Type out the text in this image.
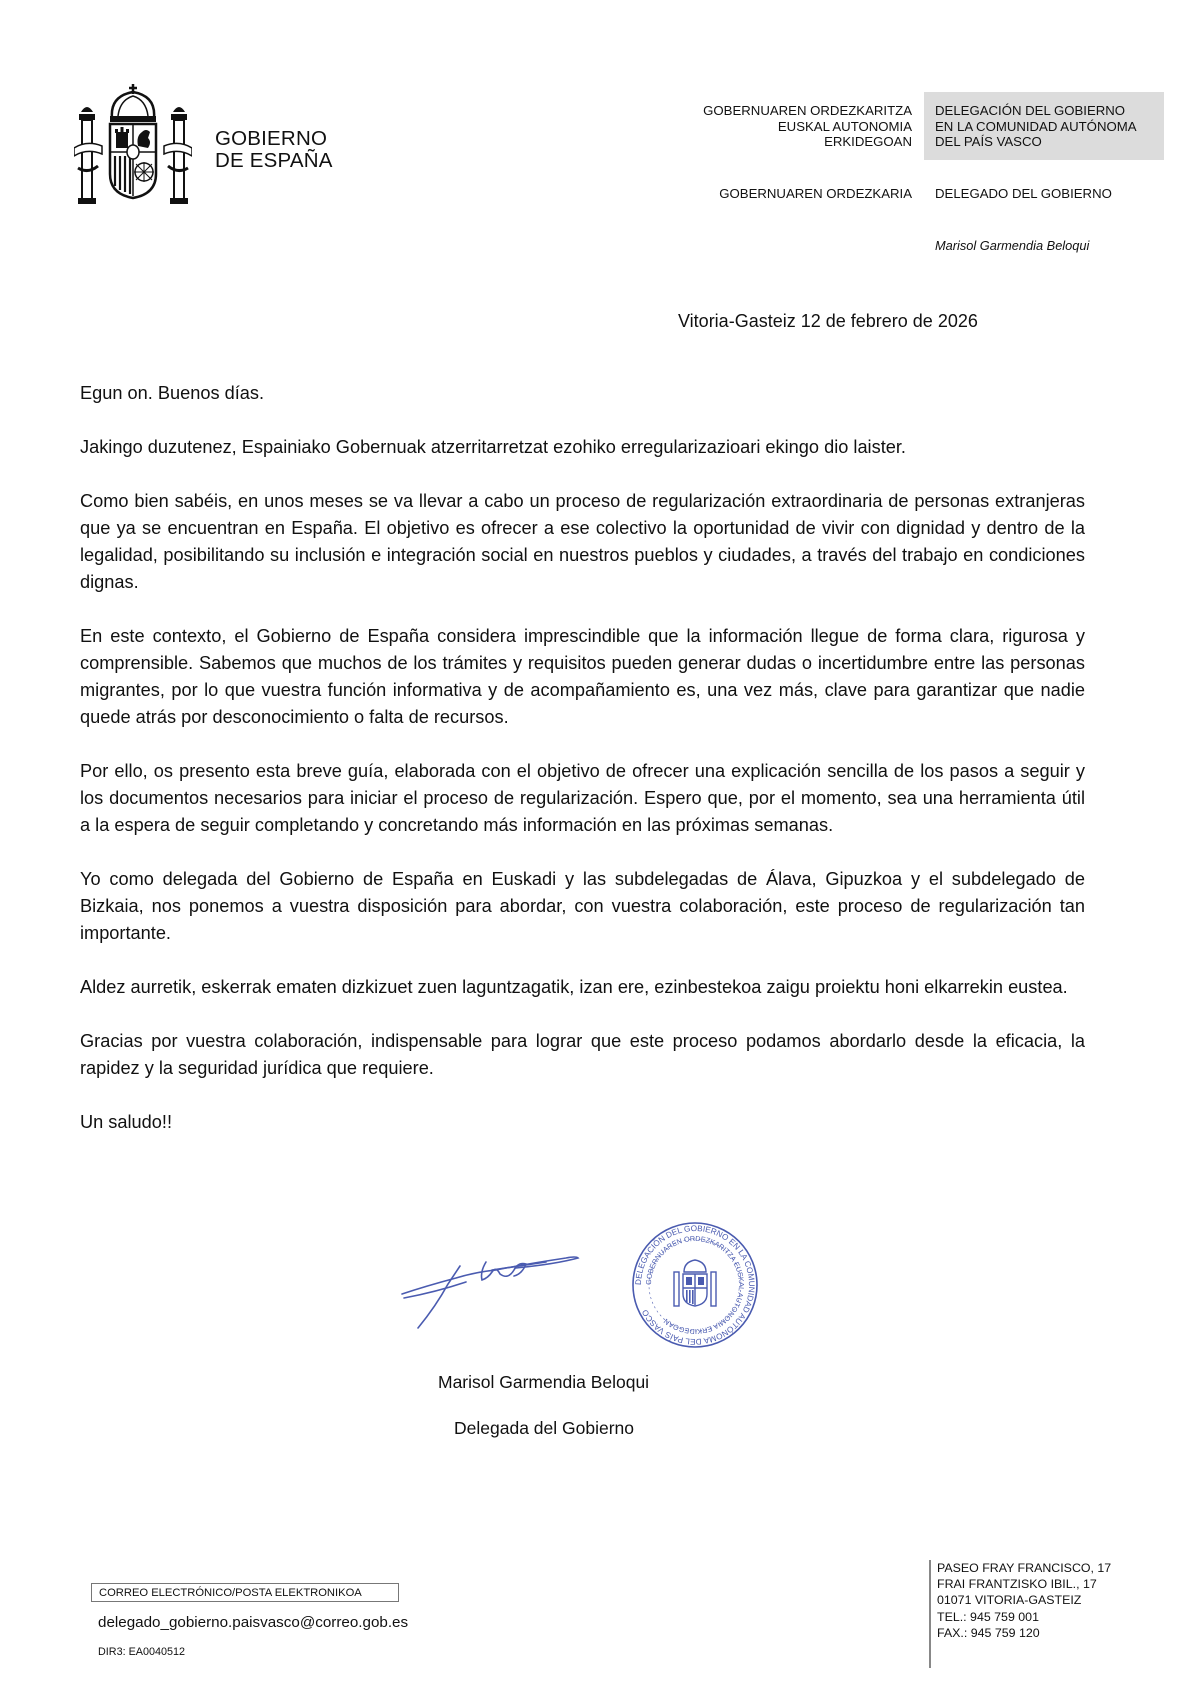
GOBIERNO
DE ESPAÑA
GOBERNUAREN ORDEZKARITZA
EUSKAL AUTONOMIA
ERKIDEGOAN
DELEGACIÓN DEL GOBIERNO
EN LA COMUNIDAD AUTÓNOMA
DEL PAÍS VASCO
GOBERNUAREN ORDEZKARIA DELEGADO DEL GOBIERNO
Marisol Garmendia Beloqui
Vitoria-Gasteiz 12 de febrero de 2026

Egun on. Buenos días.

Jakingo duzutenez, Espainiako Gobernuak atzerritarretzat ezohiko erregularizazioari ekingo dio laister.

Como bien sabéis, en unos meses se va llevar a cabo un proceso de regularización extraordinaria de personas extranjeras que ya se encuentran en España. El objetivo es ofrecer a ese colectivo la oportunidad de vivir con dignidad y dentro de la legalidad, posibilitando su inclusión e integración social en nuestros pueblos y ciudades, a través del trabajo en condiciones dignas.

En este contexto, el Gobierno de España considera imprescindible que la información llegue de forma clara, rigurosa y comprensible. Sabemos que muchos de los trámites y requisitos pueden generar dudas o incertidumbre entre las personas migrantes, por lo que vuestra función informativa y de acompañamiento es, una vez más, clave para garantizar que nadie quede atrás por desconocimiento o falta de recursos.

Por ello, os presento esta breve guía, elaborada con el objetivo de ofrecer una explicación sencilla de los pasos a seguir y los documentos necesarios para iniciar el proceso de regularización. Espero que, por el momento, sea una herramienta útil a la espera de seguir completando y concretando más información en las próximas semanas.

Yo como delegada del Gobierno de España en Euskadi y las subdelegadas de Álava, Gipuzkoa y el subdelegado de Bizkaia, nos ponemos a vuestra disposición para abordar, con vuestra colaboración, este proceso de regularización tan importante.

Aldez aurretik, eskerrak ematen dizkizuet zuen laguntzagatik, izan ere, ezinbestekoa zaigu proiektu honi elkarrekin eustea.

Gracias por vuestra colaboración, indispensable para lograr que este proceso podamos abordarlo desde la eficacia, la rapidez y la seguridad jurídica que requiere.

Un saludo!!

DELEGACIÓN DEL GOBIERNO EN LA COMUNIDAD AUTÓNOMA DEL PAÍS VASCO
GOBERNUAREN ORDEZKARITZA EUSKAL AUTONOMIA ERKIDEGOAN
Marisol Garmendia Beloqui
Delegada del Gobierno
CORREO ELECTRÓNICO/POSTA ELEKTRONIKOA
delegado_gobierno.paisvasco@correo.gob.es
DIR3: EA0040512
PASEO FRAY FRANCISCO, 17
FRAI FRANTZISKO IBIL., 17
01071 VITORIA-GASTEIZ
TEL.: 945 759 001
FAX.: 945 759 120
